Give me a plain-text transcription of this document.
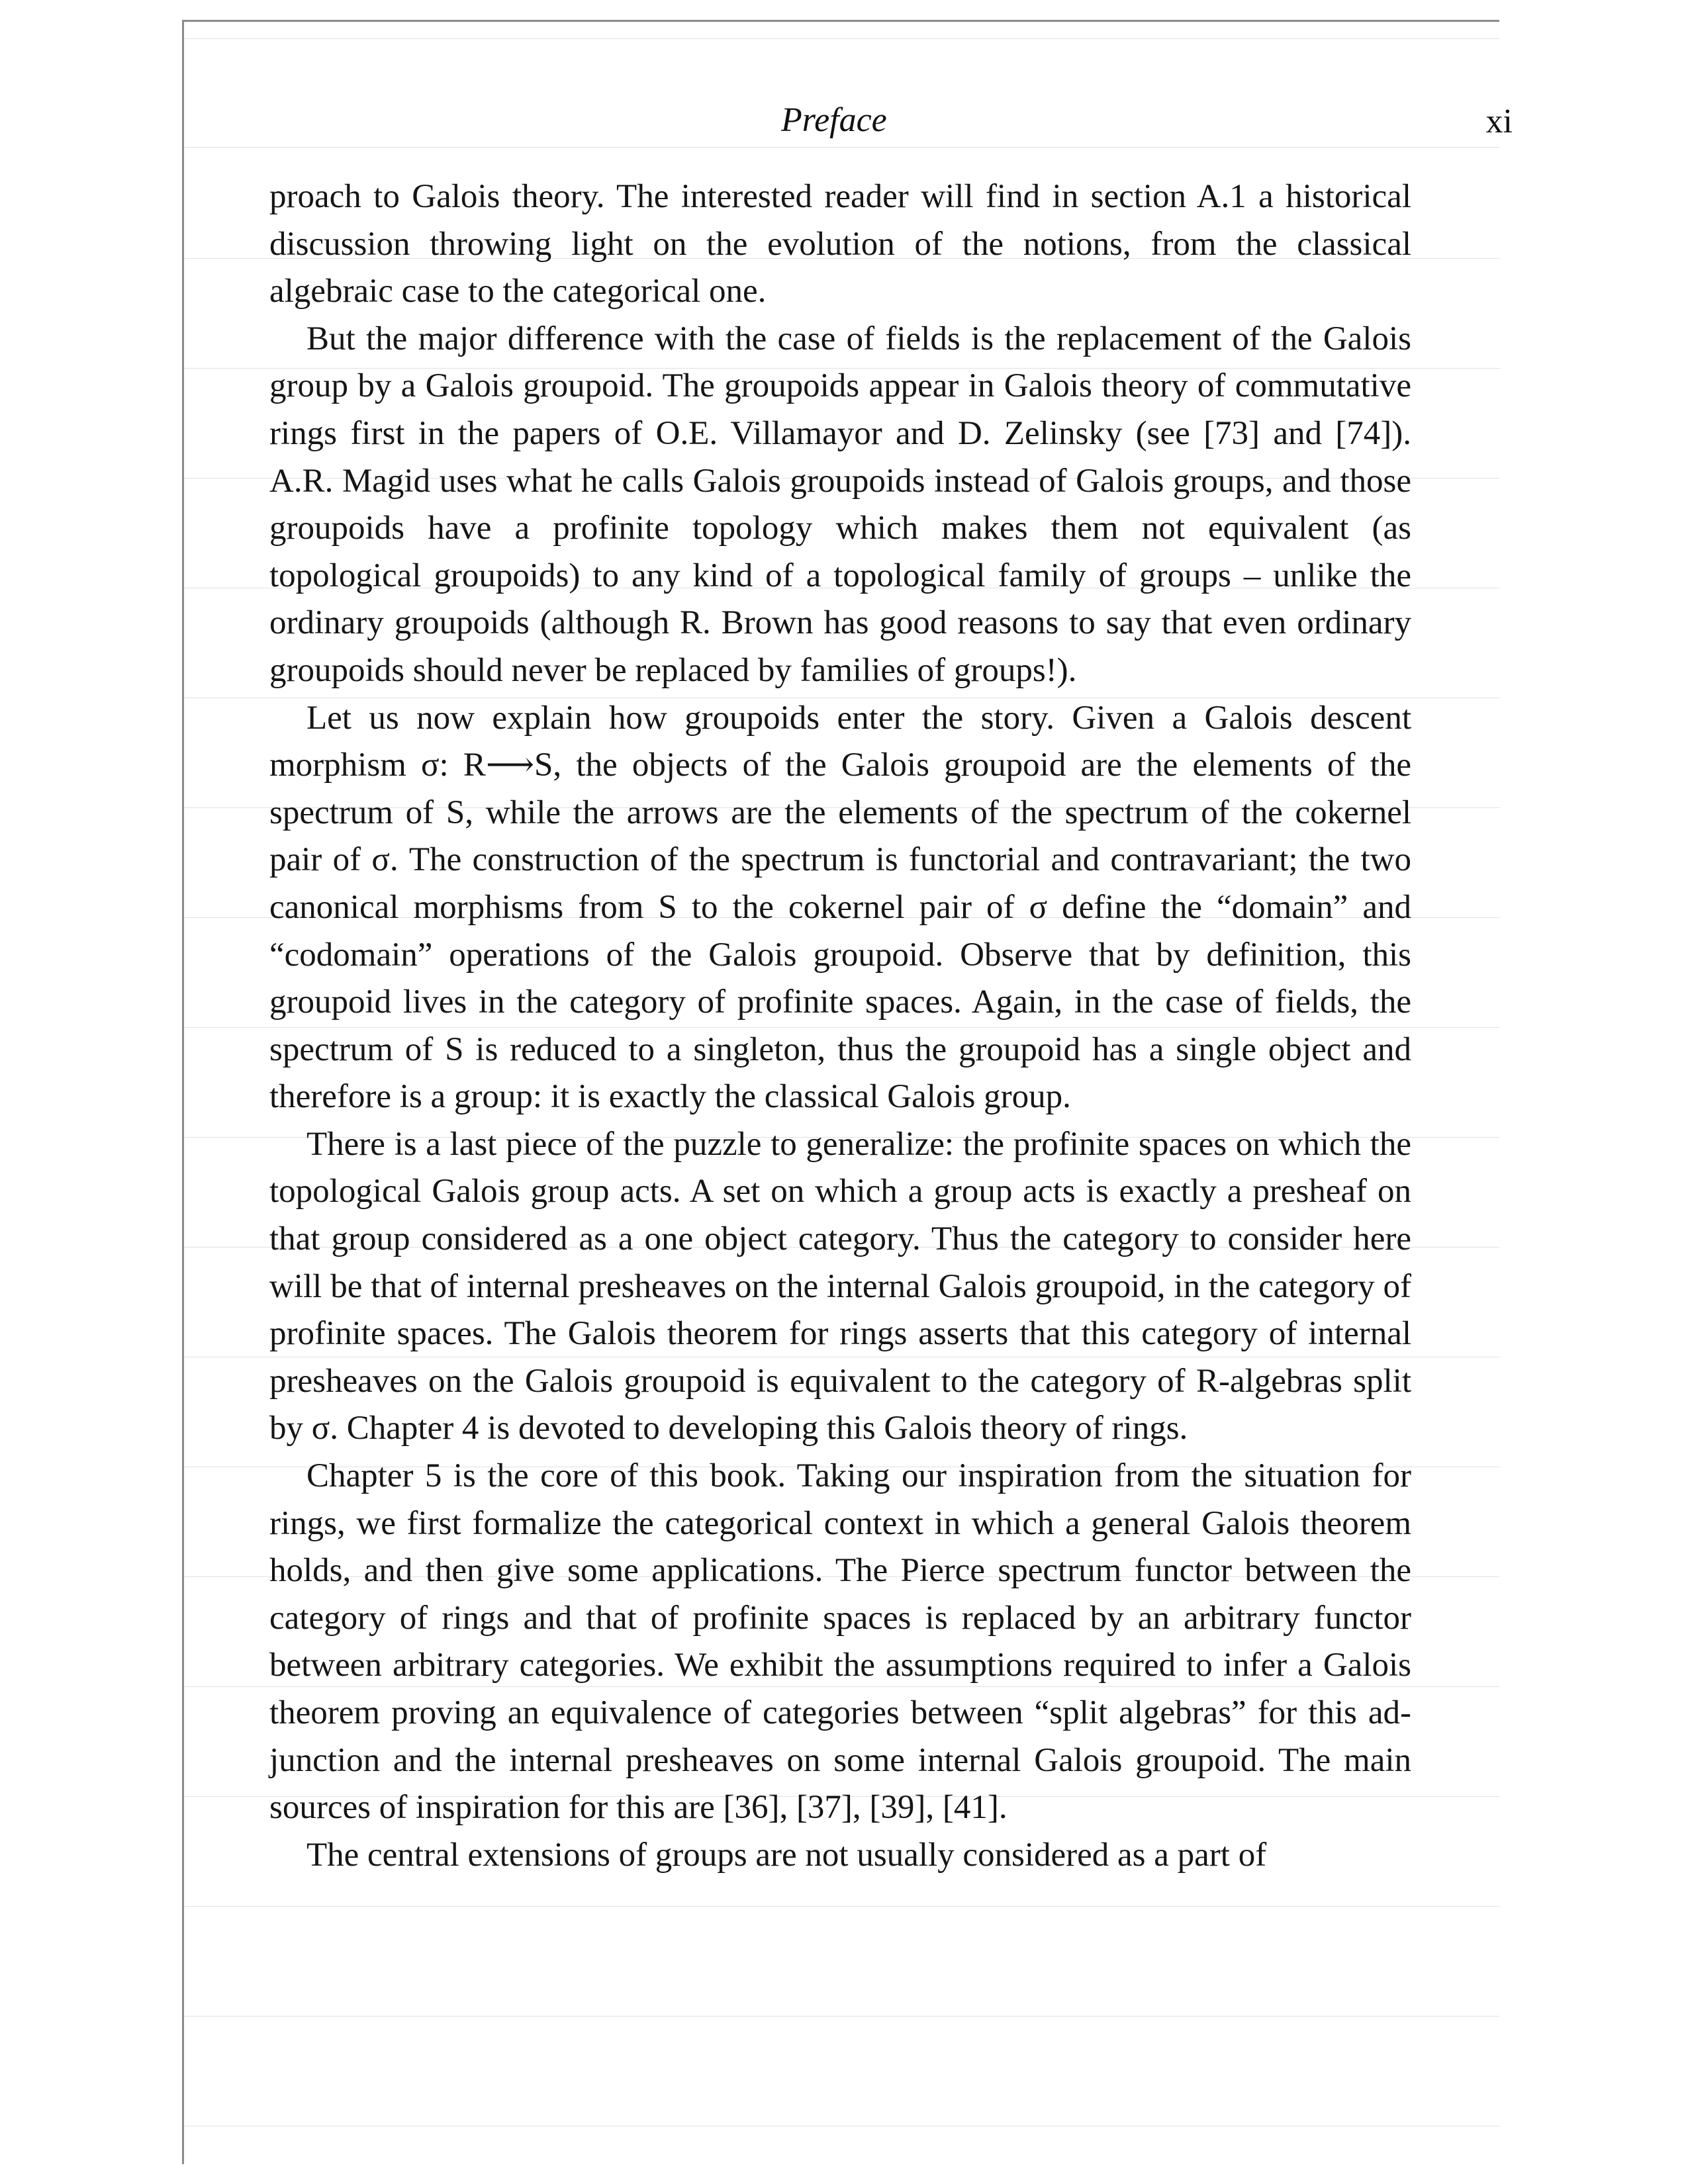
Preface	xi

proach to Galois theory. The interested reader will find in section A.1 a historical discussion throwing light on the evolution of the notions, from the classical algebraic case to the categorical one.

But the major difference with the case of fields is the replacement of the Galois group by a Galois groupoid. The groupoids appear in Galois theory of commutative rings first in the papers of O.E. Villamayor and D. Zelinsky (see [73] and [74]). A.R. Magid uses what he calls Galois groupoids instead of Galois groups, and those groupoids have a profinite topology which makes them not equivalent (as topological groupoids) to any kind of a topological family of groups – unlike the ordinary groupoids (although R. Brown has good reasons to say that even ordinary groupoids should never be replaced by families of groups!).

Let us now explain how groupoids enter the story. Given a Galois descent morphism σ: R⟶S, the objects of the Galois groupoid are the elements of the spectrum of S, while the arrows are the elements of the spectrum of the cokernel pair of σ. The construction of the spectrum is functorial and contravariant; the two canonical morphisms from S to the cokernel pair of σ define the “domain” and “codomain” operations of the Galois groupoid. Observe that by definition, this groupoid lives in the category of profinite spaces. Again, in the case of fields, the spectrum of S is reduced to a singleton, thus the groupoid has a single object and therefore is a group: it is exactly the classical Galois group.

There is a last piece of the puzzle to generalize: the profinite spaces on which the topological Galois group acts. A set on which a group acts is exactly a presheaf on that group considered as a one object category. Thus the category to consider here will be that of internal presheaves on the internal Galois groupoid, in the category of profinite spaces. The Galois theorem for rings asserts that this category of internal presheaves on the Galois groupoid is equivalent to the category of R-algebras split by σ. Chapter 4 is devoted to developing this Galois theory of rings.

Chapter 5 is the core of this book. Taking our inspiration from the situation for rings, we first formalize the categorical context in which a general Galois theorem holds, and then give some applications. The Pierce spectrum functor between the category of rings and that of profinite spaces is replaced by an arbitrary functor between arbitrary categories. We exhibit the assumptions required to infer a Galois theorem proving an equivalence of categories between “split algebras” for this adjunction and the internal presheaves on some internal Galois groupoid. The main sources of inspiration for this are [36], [37], [39], [41].

The central extensions of groups are not usually considered as a part of
